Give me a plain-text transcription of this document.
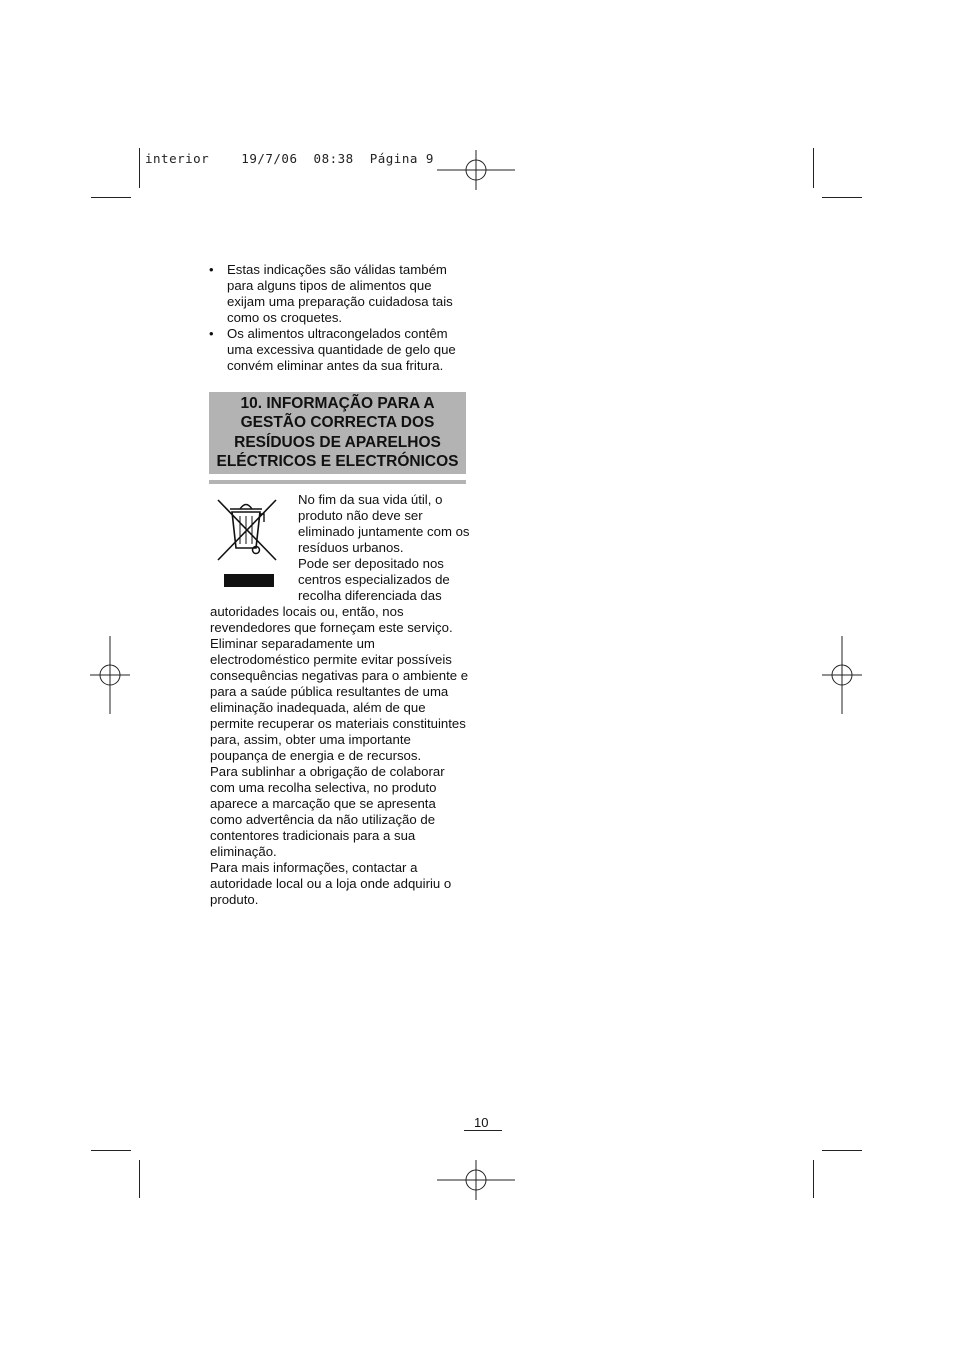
interior    19/7/06  08:38  Página 9
• Estas indicações são válidas também para alguns tipos de alimentos que exijam uma preparação cuidadosa tais como os croquetes.
• Os alimentos ultracongelados contêm uma excessiva quantidade de gelo que convém eliminar antes da sua fritura.
10. INFORMAÇÃO PARA A GESTÃO CORRECTA DOS RESÍDUOS DE APARELHOS ELÉCTRICOS E ELECTRÓNICOS

No fim da sua vida útil, o produto não deve ser eliminado juntamente com os resíduos urbanos.

Pode ser depositado nos centros especializados de recolha diferenciada das autoridades locais ou, então, nos revendedores que forneçam este serviço. Eliminar separadamente um electrodoméstico permite evitar possíveis consequências negativas para o ambiente e para a saúde pública resultantes de uma eliminação inadequada, além de que permite recuperar os materiais constituintes para, assim, obter uma importante poupança de energia e de recursos.

Para sublinhar a obrigação de colaborar com uma recolha selectiva, no produto aparece a marcação que se apresenta como advertência da não utilização de contentores tradicionais para a sua eliminação.

Para mais informações, contactar a autoridade local ou a loja onde adquiriu o produto.

10
